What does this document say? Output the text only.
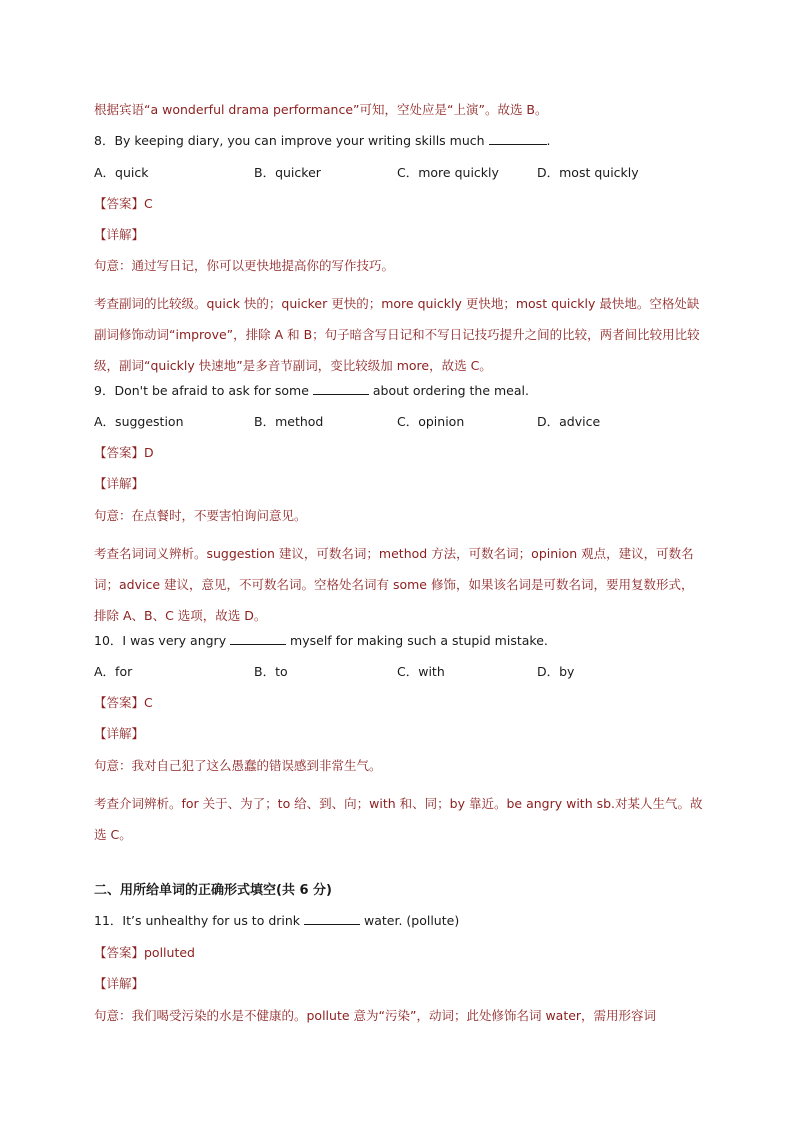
根据宾语“a wonderful drama performance”可知，空处应是“上演”。故选 B。
8．By keeping diary, you can improve your writing skills much	.
A．quick	B．quicker	C．more quickly	D．most quickly
【答案】C
【详解】
句意：通过写日记，你可以更快地提高你的写作技巧。
考查副词的比较级。quick 快的；quicker 更快的；more quickly 更快地；most quickly 最快地。空格处缺副词修饰动词“improve”，排除 A 和 B；句子暗含写日记和不写日记技巧提升之间的比较，两者间比较用比较级，副词“quickly 快速地”是多音节副词，变比较级加 more，故选 C。
9．Don't be afraid to ask for some	about ordering the meal.
A．suggestion	B．method	C．opinion	D．advice
【答案】D
【详解】
句意：在点餐时，不要害怕询问意见。
考查名词词义辨析。suggestion 建议，可数名词；method 方法，可数名词；opinion 观点，建议，可数名词；advice 建议，意见，不可数名词。空格处名词有 some 修饰，如果该名词是可数名词，要用复数形式，排除 A、B、C 选项，故选 D。
10．I was very angry	myself for making such a stupid mistake.
A．for	B．to	C．with	D．by
【答案】C
【详解】
句意：我对自己犯了这么愚蠢的错误感到非常生气。
考查介词辨析。for 关于、为了；to 给、到、向；with 和、同；by 靠近。be angry with sb.对某人生气。故选 C。
二、用所给单词的正确形式填空(共 6 分)
11．It’s unhealthy for us to drink	water. (pollute)
【答案】polluted
【详解】
句意：我们喝受污染的水是不健康的。pollute 意为“污染”，动词；此处修饰名词 water，需用形容词
